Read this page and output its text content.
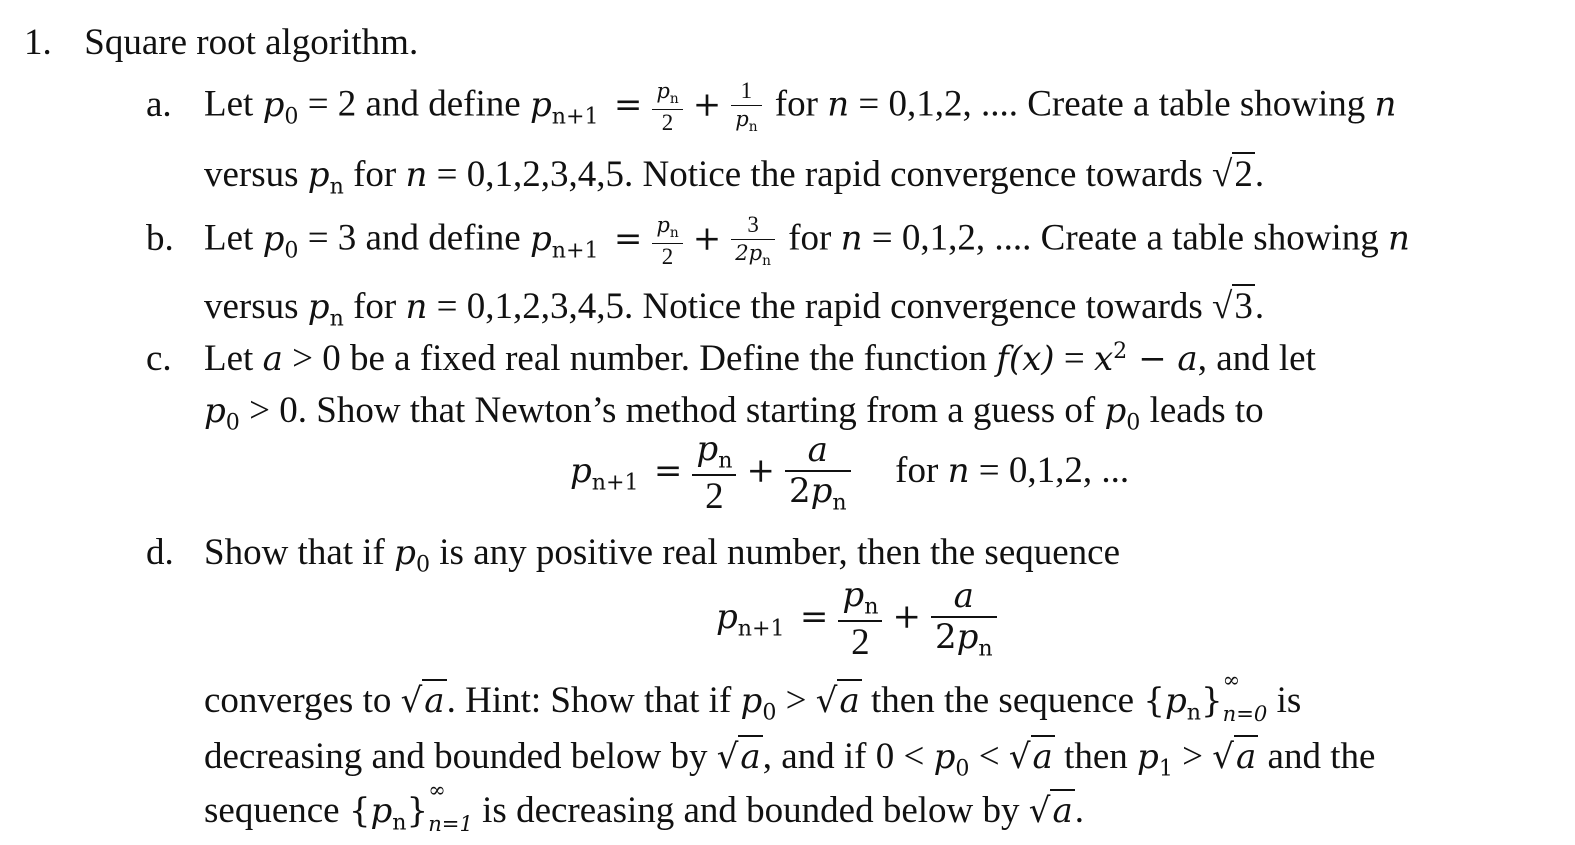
1. Square root algorithm.
a. Let $p_0 = 2$ and define $p_{n+1} = \frac{p_n}{2} + \frac{1}{p_n}$ for n = 0,1,2, .... Create a table showing n
versus $p_n$ for n = 0,1,2,3,4,5. Notice the rapid convergence towards √2.
b. Let $p_0 = 3$ and define $p_{n+1} = \frac{p_n}{2} + \frac{3}{2p_n}$ for n = 0,1,2, .... Create a table showing n
versus $p_n$ for n = 0,1,2,3,4,5. Notice the rapid convergence towards √3.
c. Let a > 0 be a fixed real number. Define the function $f(x) = x^2 - a$, and let
$p_0 > 0$. Show that Newton’s method starting from a guess of $p_0$ leads to
$p_{n+1} = \frac{p_n}{2} + \frac{a}{2p_n}$ for n = 0,1,2, ...
d. Show that if $p_0$ is any positive real number, then the sequence
$p_{n+1} = \frac{p_n}{2} + \frac{a}{2p_n}$
converges to √a. Hint: Show that if $p_0 > √a$ then the sequence $\{p_n\}$
∞
n=0 is
decreasing and bounded below by √a, and if $0 < p_0 < √a$ then $p_1 > √a$ and the
sequence $\{p_n\}$
∞
n=1 is decreasing and bounded below by √a.
